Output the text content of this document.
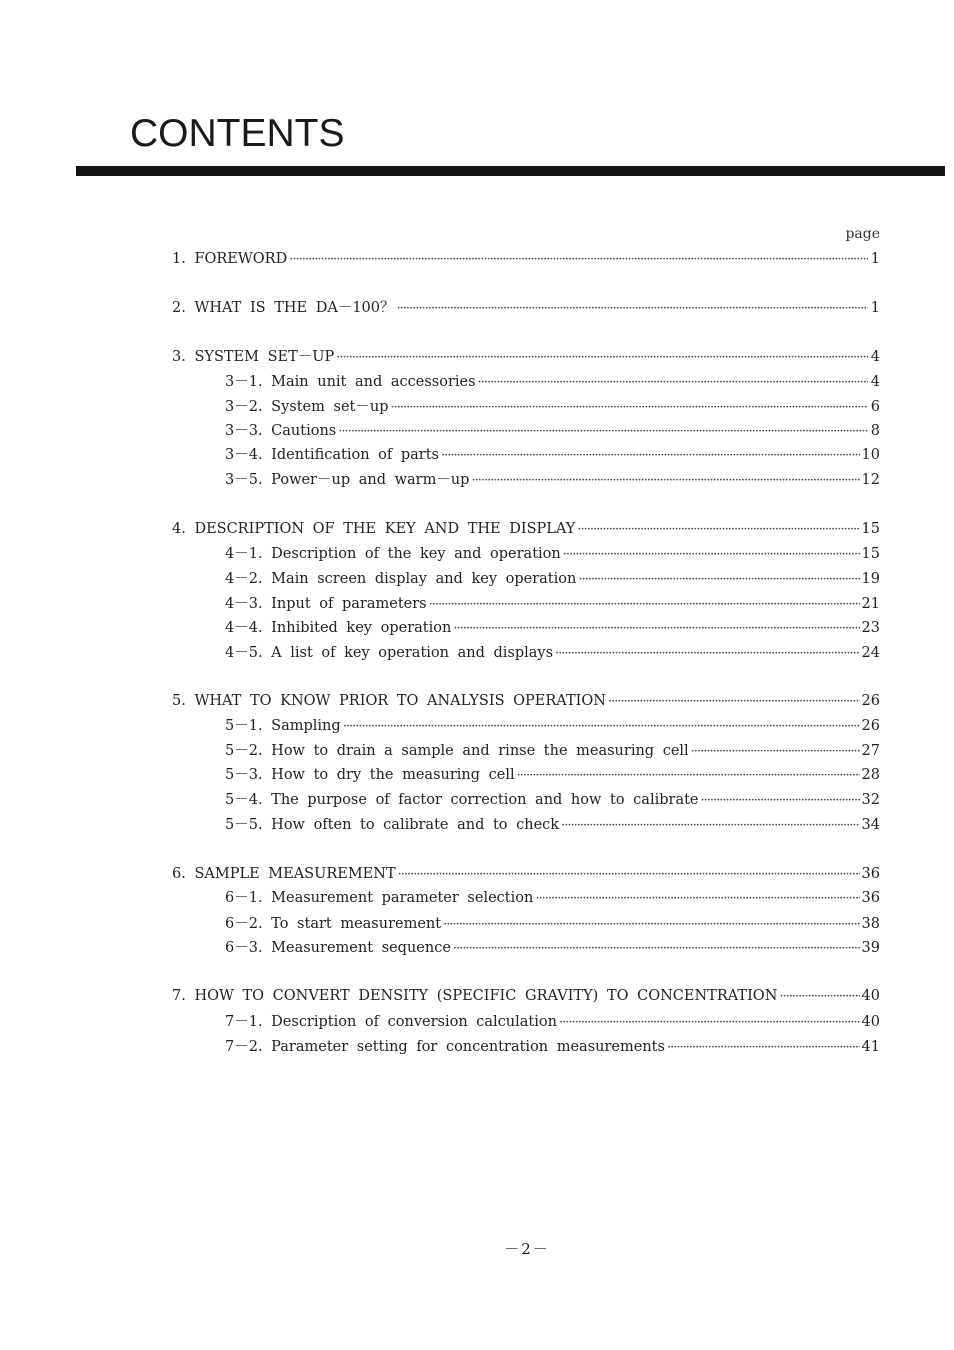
CONTENTS
page
1. FOREWORD ·····	1
2. WHAT IS THE DA－100？ ·····	1
3. SYSTEM SET－UP ·····	4
3－1. Main unit and accessories ·····	4
3－2. System set－up ·····	6
3－3. Cautions ·····	8
3－4. Identification of parts ·····	10
3－5. Power－up and warm－up ·····	12
4. DESCRIPTION OF THE KEY AND THE DISPLAY ·····	15
4－1. Description of the key and operation ·····	15
4－2. Main screen display and key operation ·····	19
4－3. Input of parameters ·····	21
4－4. Inhibited key operation ·····	23
4－5. A list of key operation and displays ·····	24
5. WHAT TO KNOW PRIOR TO ANALYSIS OPERATION ·····	26
5－1. Sampling ·····	26
5－2. How to drain a sample and rinse the measuring cell ·····	27
5－3. How to dry the measuring cell ·····	28
5－4. The purpose of factor correction and how to calibrate ·····	32
5－5. How often to calibrate and to check ·····	34
6. SAMPLE MEASUREMENT ·····	36
6－1. Measurement parameter selection ·····	36
6－2. To start measurement ·····	38
6－3. Measurement sequence ·····	39
7. HOW TO CONVERT DENSITY (SPECIFIC GRAVITY) TO CONCENTRATION ·····	40
7－1. Description of conversion calculation ·····	40
7－2. Parameter setting for concentration measurements ·····	41
－2－
